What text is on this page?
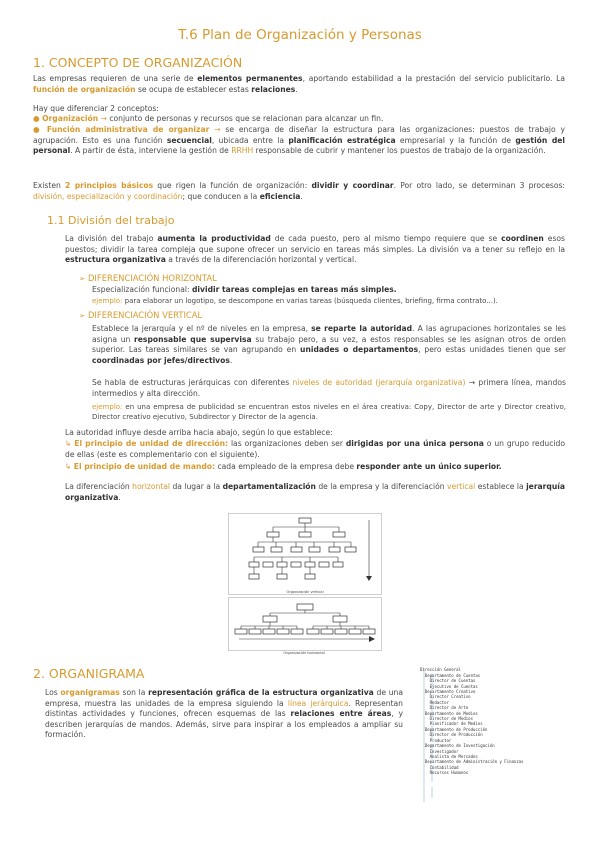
T.6 Plan de Organización y Personas
1. CONCEPTO DE ORGANIZACIÓN
Las empresas requieren de una serie de elementos permanentes, aportando estabilidad a la prestación del servicio publicitario. La función de organización se ocupa de establecer estas relaciones.
Hay que diferenciar 2 conceptos:
● Organización → conjunto de personas y recursos que se relacionan para alcanzar un fin.
● Función administrativa de organizar → se encarga de diseñar la estructura para las organizaciones: puestos de trabajo y agrupación. Esto es una función secuencial, ubicada entre la planificación estratégica empresarial y la función de gestión del personal. A partir de ésta, interviene la gestión de RRHH responsable de cubrir y mantener los puestos de trabajo de la organización.
Existen 2 principios básicos que rigen la función de organización: dividir y coordinar. Por otro lado, se determinan 3 procesos: división, especialización y coordinación; que conducen a la eficiencia.
1.1 División del trabajo
La división del trabajo aumenta la productividad de cada puesto, pero al mismo tiempo requiere que se coordinen esos puestos; dividir la tarea compleja que supone ofrecer un servicio en tareas más simples. La división va a tener su reflejo en la estructura organizativa a través de la diferenciación horizontal y vertical.
➢ DIFERENCIACIÓN HORIZONTAL
Especialización funcional: dividir tareas complejas en tareas más simples.
ejemplo: para elaborar un logotipo, se descompone en varias tareas (búsqueda clientes, briefing, firma contrato...).
➢ DIFERENCIACIÓN VERTICAL
Establece la jerarquía y el nº de niveles en la empresa, se reparte la autoridad. A las agrupaciones horizontales se les asigna un responsable que supervisa su trabajo pero, a su vez, a estos responsables se les asignan otros de orden superior. Las tareas similares se van agrupando en unidades o departamentos, pero estas unidades tienen que ser coordinadas por jefes/directivos.
Se habla de estructuras jerárquicas con diferentes niveles de autoridad (jerarquía organizativa) → primera línea, mandos intermedios y alta dirección.
ejemplo: en una empresa de publicidad se encuentran estos niveles en el área creativa: Copy, Director de arte y Director creativo, Director creativo ejecutivo, Subdirector y Director de la agencia.
La autoridad influye desde arriba hacia abajo, según lo que establece:
↳ El principio de unidad de dirección: las organizaciones deben ser dirigidas por una única persona o un grupo reducido de ellas (este es complementario con el siguiente).
↳ El principio de unidad de mando: cada empleado de la empresa debe responder ante un único superior.
La diferenciación horizontal da lugar a la departamentalización de la empresa y la diferenciación vertical establece la jerarquía organizativa.
Organización vertical
Organización horizontal
2. ORGANIGRAMA
Los organigramas son la representación gráfica de la estructura organizativa de una empresa, muestra las unidades de la empresa siguiendo la línea jerárquica. Representan distintas actividades y funciones, ofrecen esquemas de las relaciones entre áreas, y describen jerarquías de mandos. Además, sirve para inspirar a los empleados a ampliar su formación.

Dirección General
Departamento de Cuentas
Director de Cuentas
Ejecutivo de Cuentas
Departamento Creativo
Director Creativo
Redactor
Director de Arte
Departamento de Medios
Director de Medios
Planificador de Medios
Departamento de Producción
Director de Producción
Productor
Departamento de Investigación
Investigador
Analista de Mercados
Departamento de Administración y Finanzas
Contabilidad
Recursos Humanos
